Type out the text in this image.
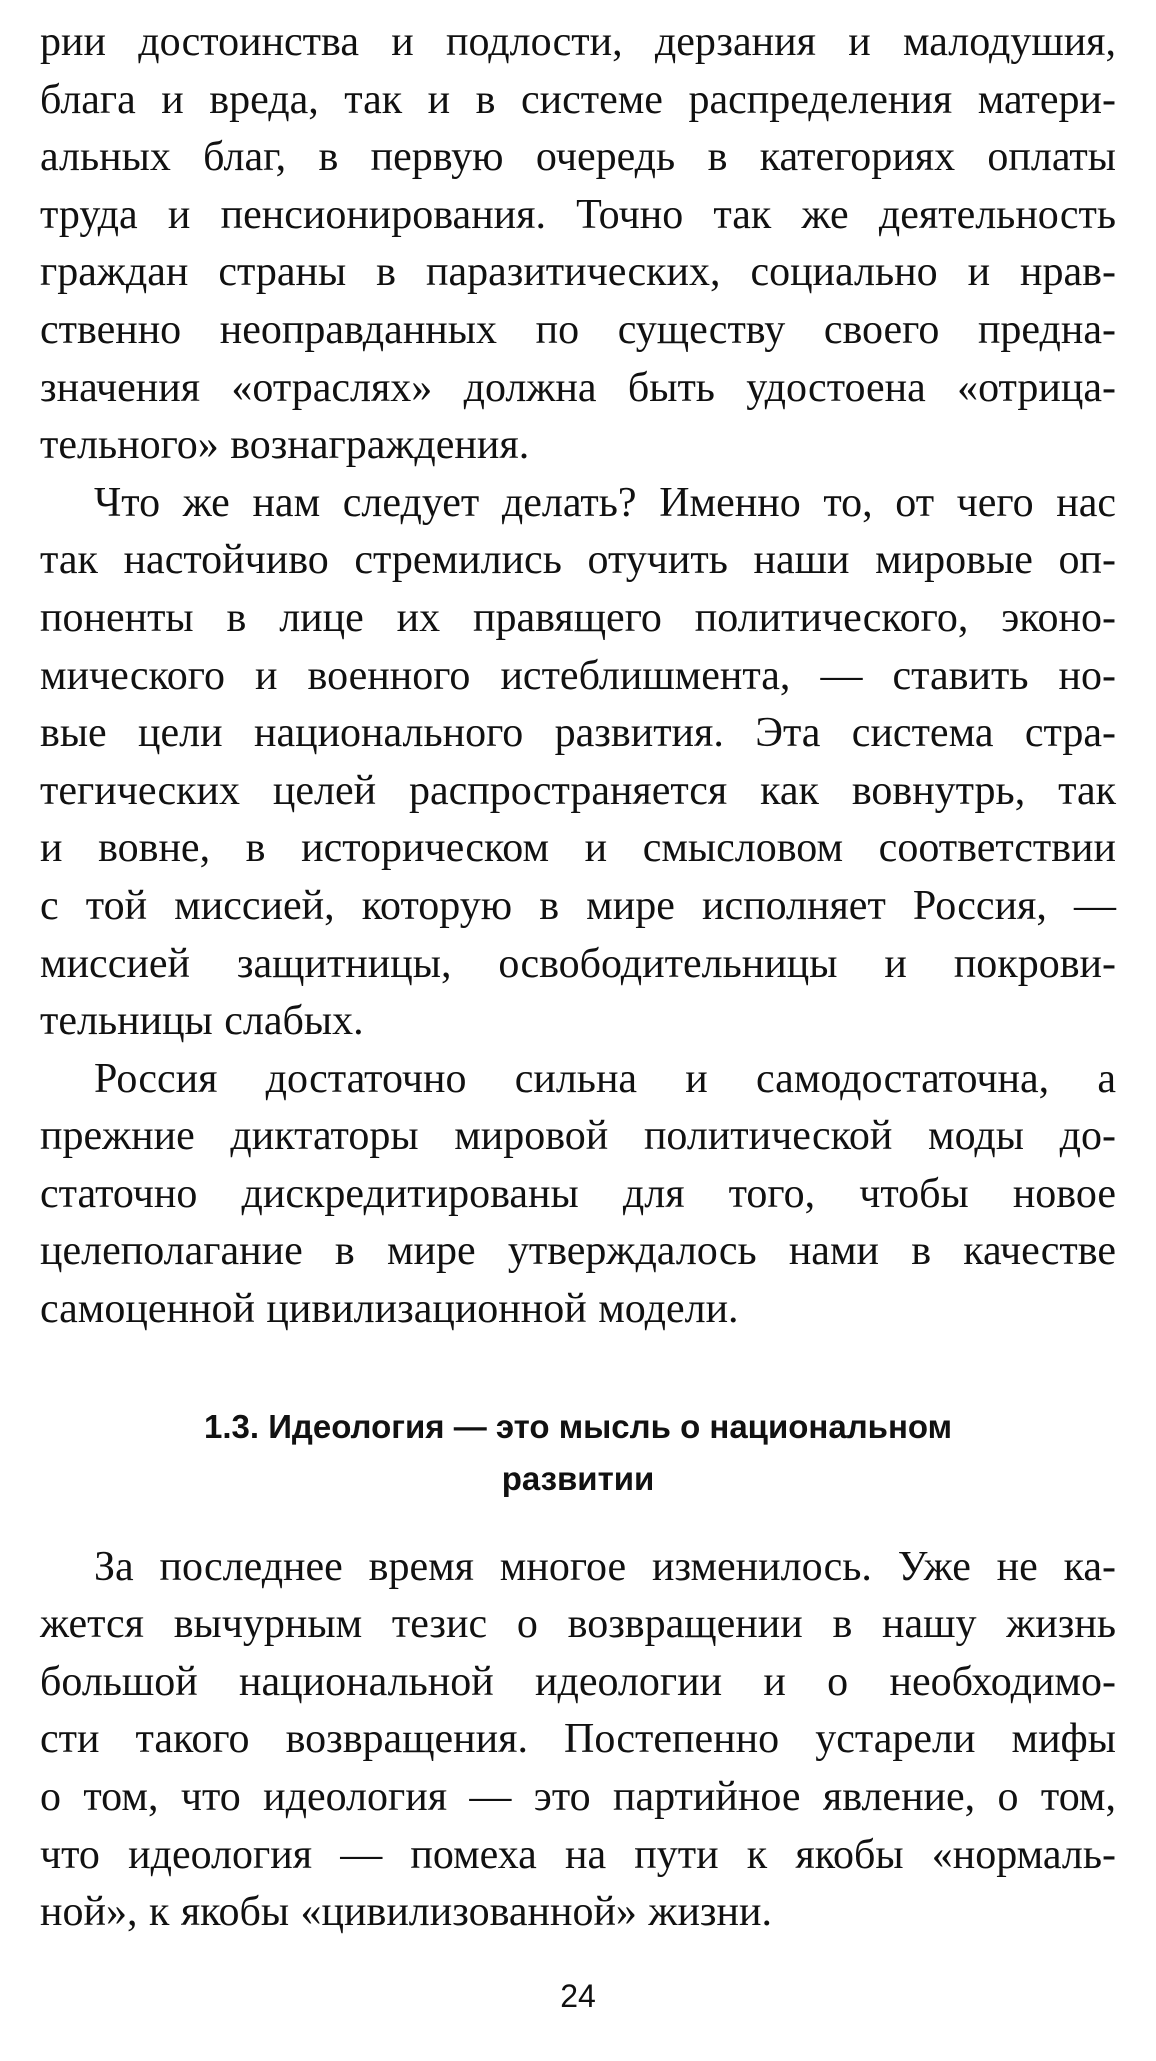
рии достоинства и подлости, дерзания и малодушия,
блага и вреда, так и в системе распределения матери-
альных благ, в первую очередь в категориях оплаты
труда и пенсионирования. Точно так же деятельность
граждан страны в паразитических, социально и нрав-
ственно неоправданных по существу своего предна-
значения «отраслях» должна быть удостоена «отрица-
тельного» вознаграждения.
Что же нам следует делать? Именно то, от чего нас
так настойчиво стремились отучить наши мировые оп-
поненты в лице их правящего политического, эконо-
мического и военного истеблишмента, — ставить но-
вые цели национального развития. Эта система стра-
тегических целей распространяется как вовнутрь, так
и вовне, в историческом и смысловом соответствии
с той миссией, которую в мире исполняет Россия, —
миссией защитницы, освободительницы и покрови-
тельницы слабых.
Россия достаточно сильна и самодостаточна, а
прежние диктаторы мировой политической моды до-
статочно дискредитированы для того, чтобы новое
целеполагание в мире утверждалось нами в качестве
самоценной цивилизационной модели.
1.3. Идеология — это мысль о национальном
развитии
За последнее время многое изменилось. Уже не ка-
жется вычурным тезис о возвращении в нашу жизнь
большой национальной идеологии и о необходимо-
сти такого возвращения. Постепенно устарели мифы
о том, что идеология — это партийное явление, о том,
что идеология — помеха на пути к якобы «нормаль-
ной», к якобы «цивилизованной» жизни.
24
